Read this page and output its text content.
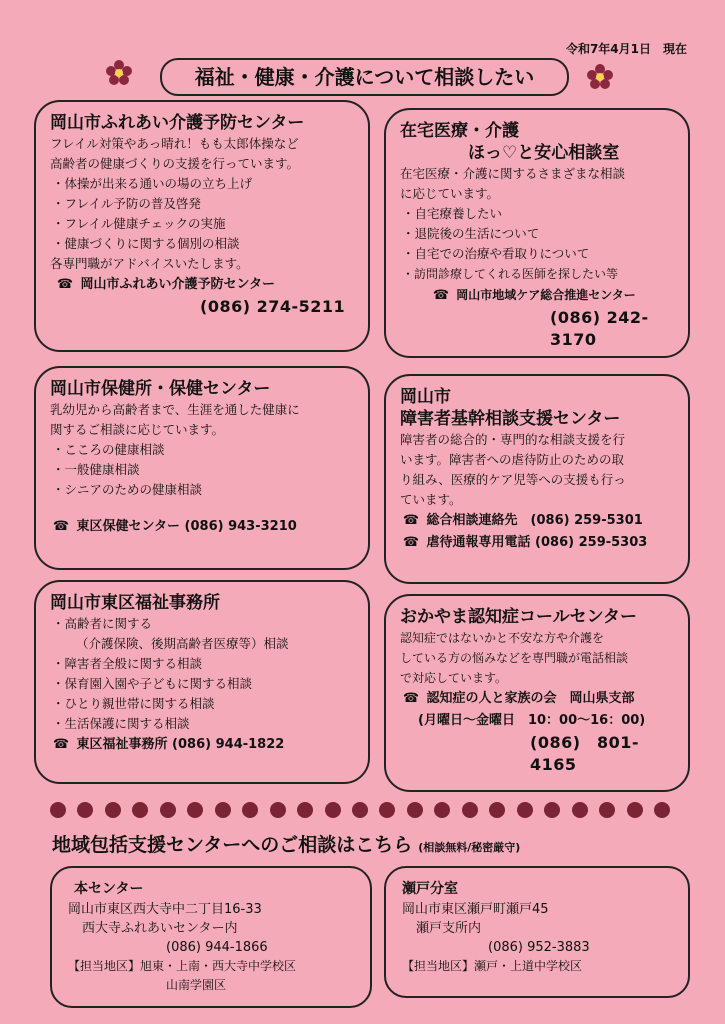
令和7年4月1日　現在
福祉・健康・介護について相談したい
岡山市ふれあい介護予防センター
フレイル対策やあっ晴れ！もも太郎体操など
高齢者の健康づくりの支援を行っています。
・ 体操が出来る通いの場の立ち上げ
・ フレイル予防の普及啓発
・ フレイル健康チェックの実施
・ 健康づくりに関する個別の相談
各専門職がアドバイスいたします。
☎ 岡山市ふれあい介護予防センター
(086) 274-5211
在宅医療・介護
ほっ♡と安心相談室
在宅医療・介護に関するさまざまな相談
に応じています。
・ 自宅療養したい
・ 退院後の生活について
・ 自宅での治療や看取りについて
・ 訪問診療してくれる医師を探したい等
☎ 岡山市地域ケア総合推進センター
(086) 242-3170
岡山市保健所・保健センター
乳幼児から高齢者まで、生涯を通した健康に
関するご相談に応じています。
・ こころの健康相談
・ 一般健康相談
・ シニアのための健康相談
☎ 東区保健センター (086) 943-3210
岡山市
障害者基幹相談支援センター
障害者の総合的・専門的な相談支援を行
います。障害者への虐待防止のための取
り組み、医療的ケア児等への支援も行っ
ています。
☎ 総合相談連絡先　(086) 259-5301
☎ 虐待通報専用電話 (086) 259-5303
岡山市東区福祉事務所
・ 高齢者に関する
（介護保険、後期高齢者医療等）相談
・ 障害者全般に関する相談
・ 保育園入園や子どもに関する相談
・ ひとり親世帯に関する相談
・ 生活保護に関する相談
☎ 東区福祉事務所 (086) 944-1822
おかやま認知症コールセンター
認知症ではないかと不安な方や介護を
している方の悩みなどを専門職が電話相談
で対応しています。
☎ 認知症の人と家族の会　岡山県支部
(月曜日～金曜日　10：00～16：00)
(086)　801-4165
地域包括支援センターへのご相談はこちら (相談無料/秘密厳守)
本センター
岡山市東区西大寺中二丁目16-33
西大寺ふれあいセンター内
(086) 944-1866
【担当地区】旭東・上南・西大寺中学校区
山南学園区
瀬戸分室
岡山市東区瀬戸町瀬戸45
瀬戸支所内
(086) 952-3883
【担当地区】瀬戸・上道中学校区
